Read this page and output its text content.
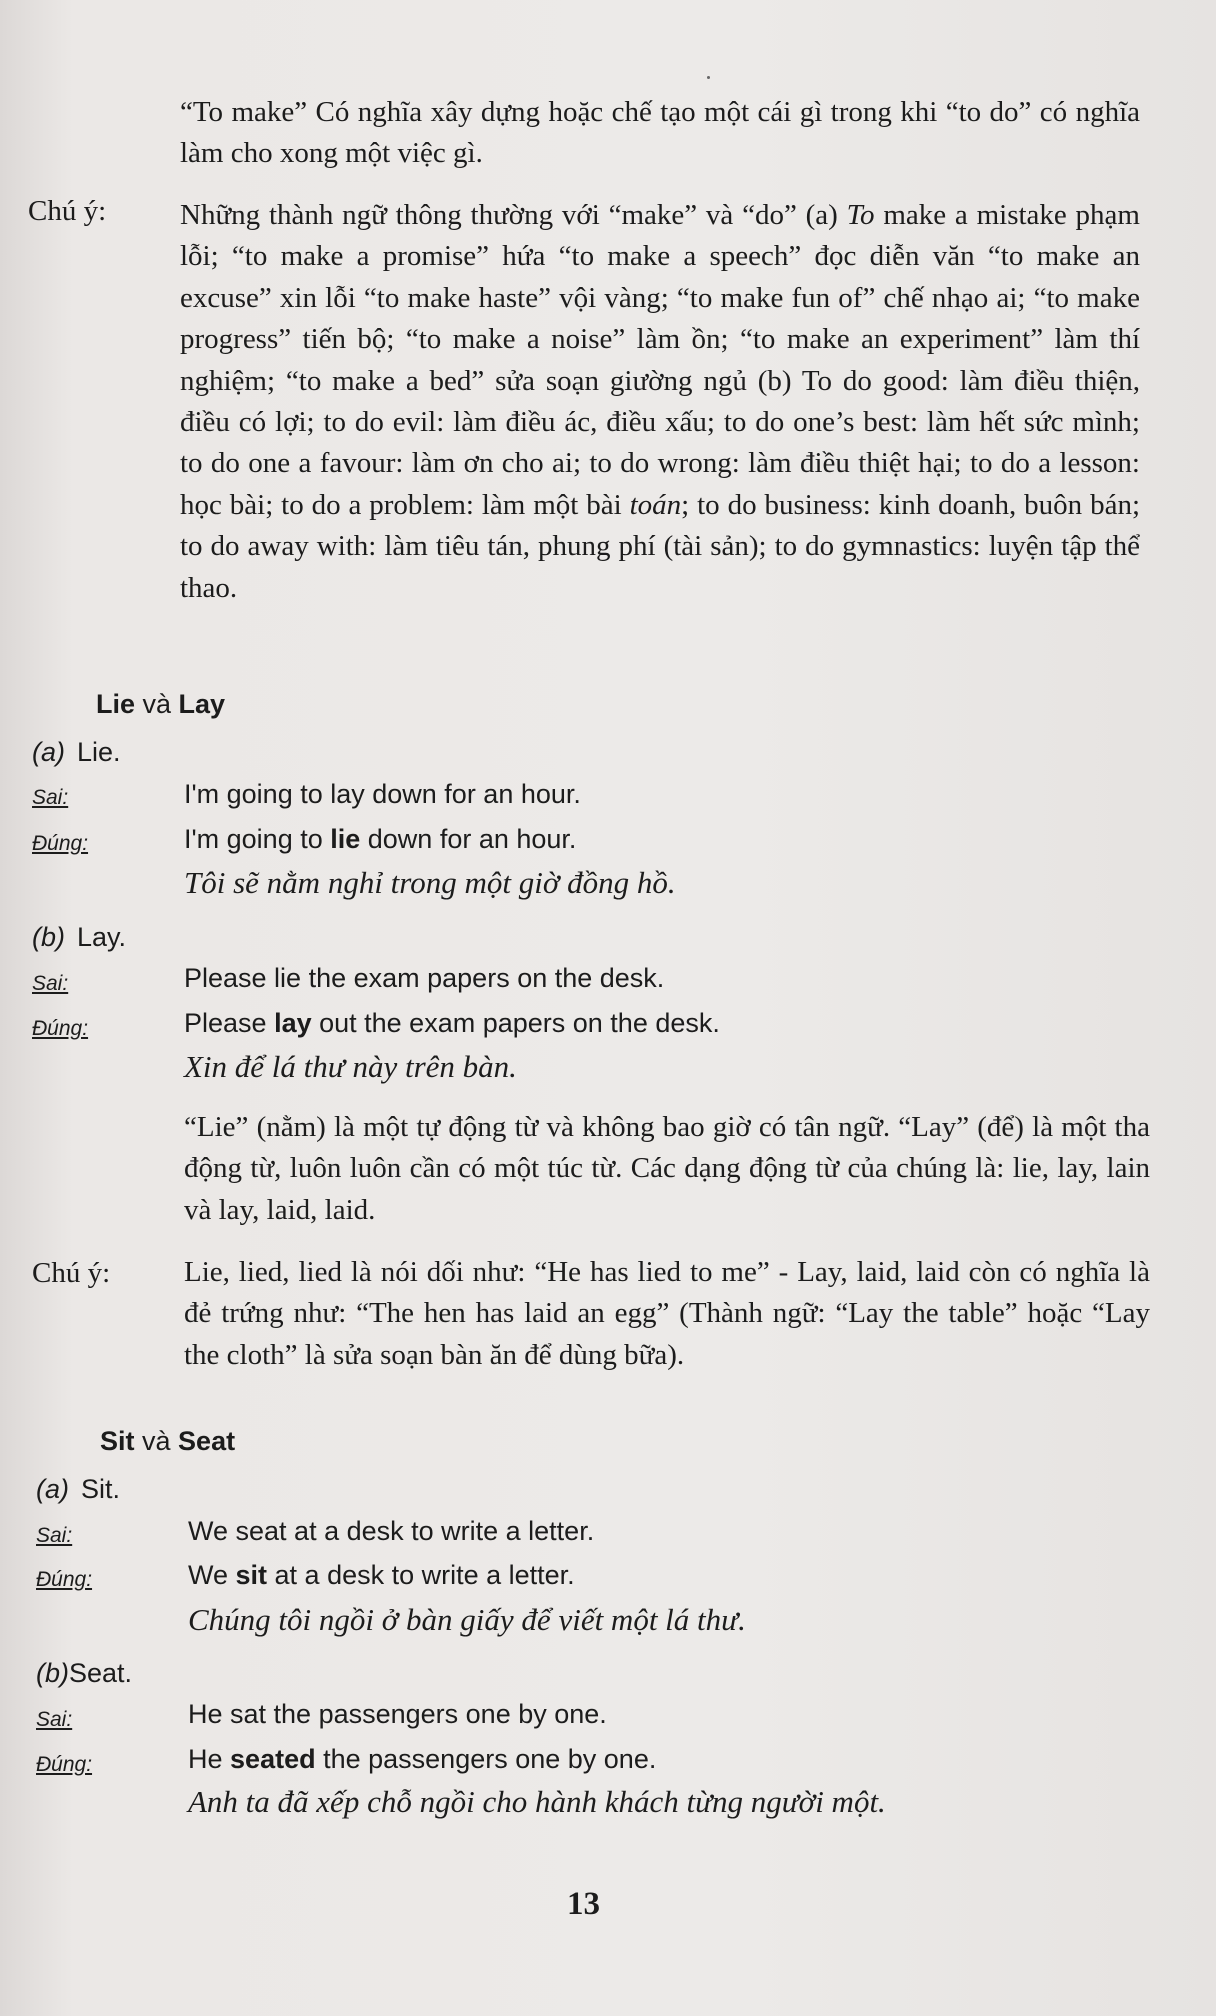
“To make” Có nghĩa xây dựng hoặc chế tạo một cái gì trong khi “to do” có nghĩa làm cho xong một việc gì.
Chú ý:	Những thành ngữ thông thường với “make” và “do” (a) To make a mistake phạm lỗi; “to make a promise” hứa “to make a speech” đọc diễn văn “to make an excuse” xin lỗi “to make haste” vội vàng; “to make fun of” chế nhạo ai; “to make progress” tiến bộ; “to make a noise” làm ồn; “to make an experiment” làm thí nghiệm; “to make a bed” sửa soạn giường ngủ (b) To do good: làm điều thiện, điều có lợi; to do evil: làm điều ác, điều xấu; to do one’s best: làm hết sức mình; to do one a favour: làm ơn cho ai; to do wrong: làm điều thiệt hại; to do a lesson: học bài; to do a problem: làm một bài toán; to do business: kinh doanh, buôn bán; to do away with: làm tiêu tán, phung phí (tài sản); to do gymnastics: luyện tập thể thao.
Lie và Lay
(a) Lie.
Sai:	I'm going to lay down for an hour.
Đúng:	I'm going to lie down for an hour.
Tôi sẽ nằm nghỉ trong một giờ đồng hồ.
(b) Lay.
Sai:	Please lie the exam papers on the desk.
Đúng:	Please lay out the exam papers on the desk.
Xin để lá thư này trên bàn.
“Lie” (nằm) là một tự động từ và không bao giờ có tân ngữ. “Lay” (để) là một tha động từ, luôn luôn cần có một túc từ. Các dạng động từ của chúng là: lie, lay, lain và lay, laid, laid.
Chú ý:	Lie, lied, lied là nói dối như: “He has lied to me” - Lay, laid, laid còn có nghĩa là đẻ trứng như: “The hen has laid an egg” (Thành ngữ: “Lay the table” hoặc “Lay the cloth” là sửa soạn bàn ăn để dùng bữa).
Sit và Seat
(a) Sit.
Sai:	We seat at a desk to write a letter.
Đúng:	We sit at a desk to write a letter.
Chúng tôi ngồi ở bàn giấy để viết một lá thư.
(b)Seat.
Sai:	He sat the passengers one by one.
Đúng:	He seated the passengers one by one.
Anh ta đã xếp chỗ ngồi cho hành khách từng người một.
13
